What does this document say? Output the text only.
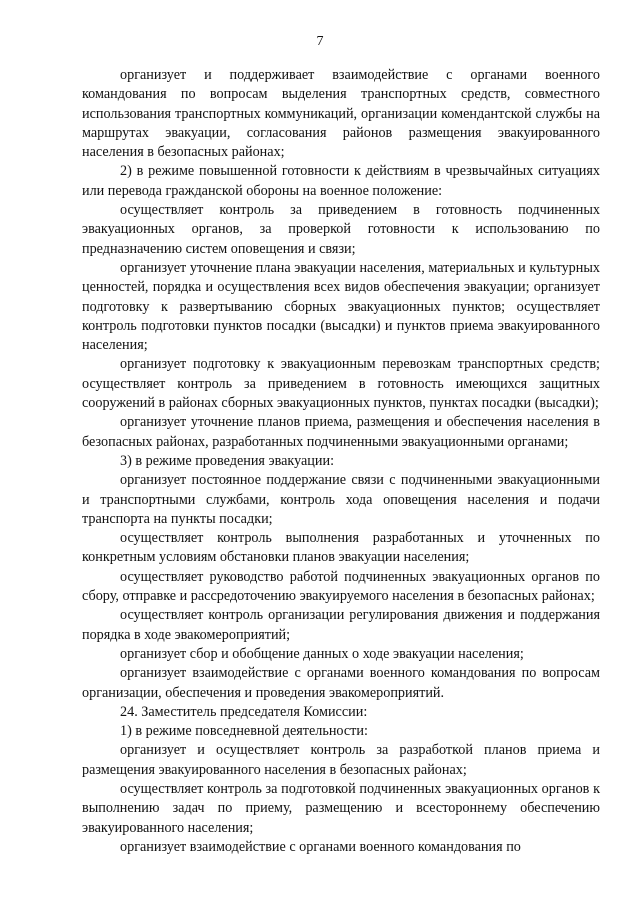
7

организует и поддерживает взаимодействие с органами военного командования по вопросам выделения транспортных средств, совместного использования транспортных коммуникаций, организации комендантской службы на маршрутах эвакуации, согласования районов размещения эвакуированного населения в безопасных районах;

2) в режиме повышенной готовности к действиям в чрезвычайных ситуациях или перевода гражданской обороны на военное положение:

осуществляет контроль за приведением в готовность подчиненных эвакуационных органов, за проверкой готовности к использованию по предназначению систем оповещения и связи;

организует уточнение плана эвакуации населения, материальных и культурных ценностей, порядка и осуществления всех видов обеспечения эвакуации; организует подготовку к развертыванию сборных эвакуационных пунктов; осуществляет контроль подготовки пунктов посадки (высадки) и пунктов приема эвакуированного населения;

организует подготовку к эвакуационным перевозкам транспортных средств; осуществляет контроль за приведением в готовность имеющихся защитных сооружений в районах сборных эвакуационных пунктов, пунктах посадки (высадки);

организует уточнение планов приема, размещения и обеспечения населения в безопасных районах, разработанных подчиненными эвакуационными органами;

3) в режиме проведения эвакуации:

организует постоянное поддержание связи с подчиненными эвакуационными и транспортными службами, контроль хода оповещения населения и подачи транспорта на пункты посадки;

осуществляет контроль выполнения разработанных и уточненных по конкретным условиям обстановки планов эвакуации населения;

осуществляет руководство работой подчиненных эвакуационных органов по сбору, отправке и рассредоточению эвакуируемого населения в безопасных районах;

осуществляет контроль организации регулирования движения и поддержания порядка в ходе эвакомероприятий;

организует сбор и обобщение данных о ходе эвакуации населения;

организует взаимодействие с органами военного командования по вопросам организации, обеспечения и проведения эвакомероприятий.

24. Заместитель председателя Комиссии:

1) в режиме повседневной деятельности:

организует и осуществляет контроль за разработкой планов приема и размещения эвакуированного населения в безопасных районах;

осуществляет контроль за подготовкой подчиненных эвакуационных органов к выполнению задач по приему, размещению и всестороннему обеспечению эвакуированного населения;

организует взаимодействие с органами военного командования по
